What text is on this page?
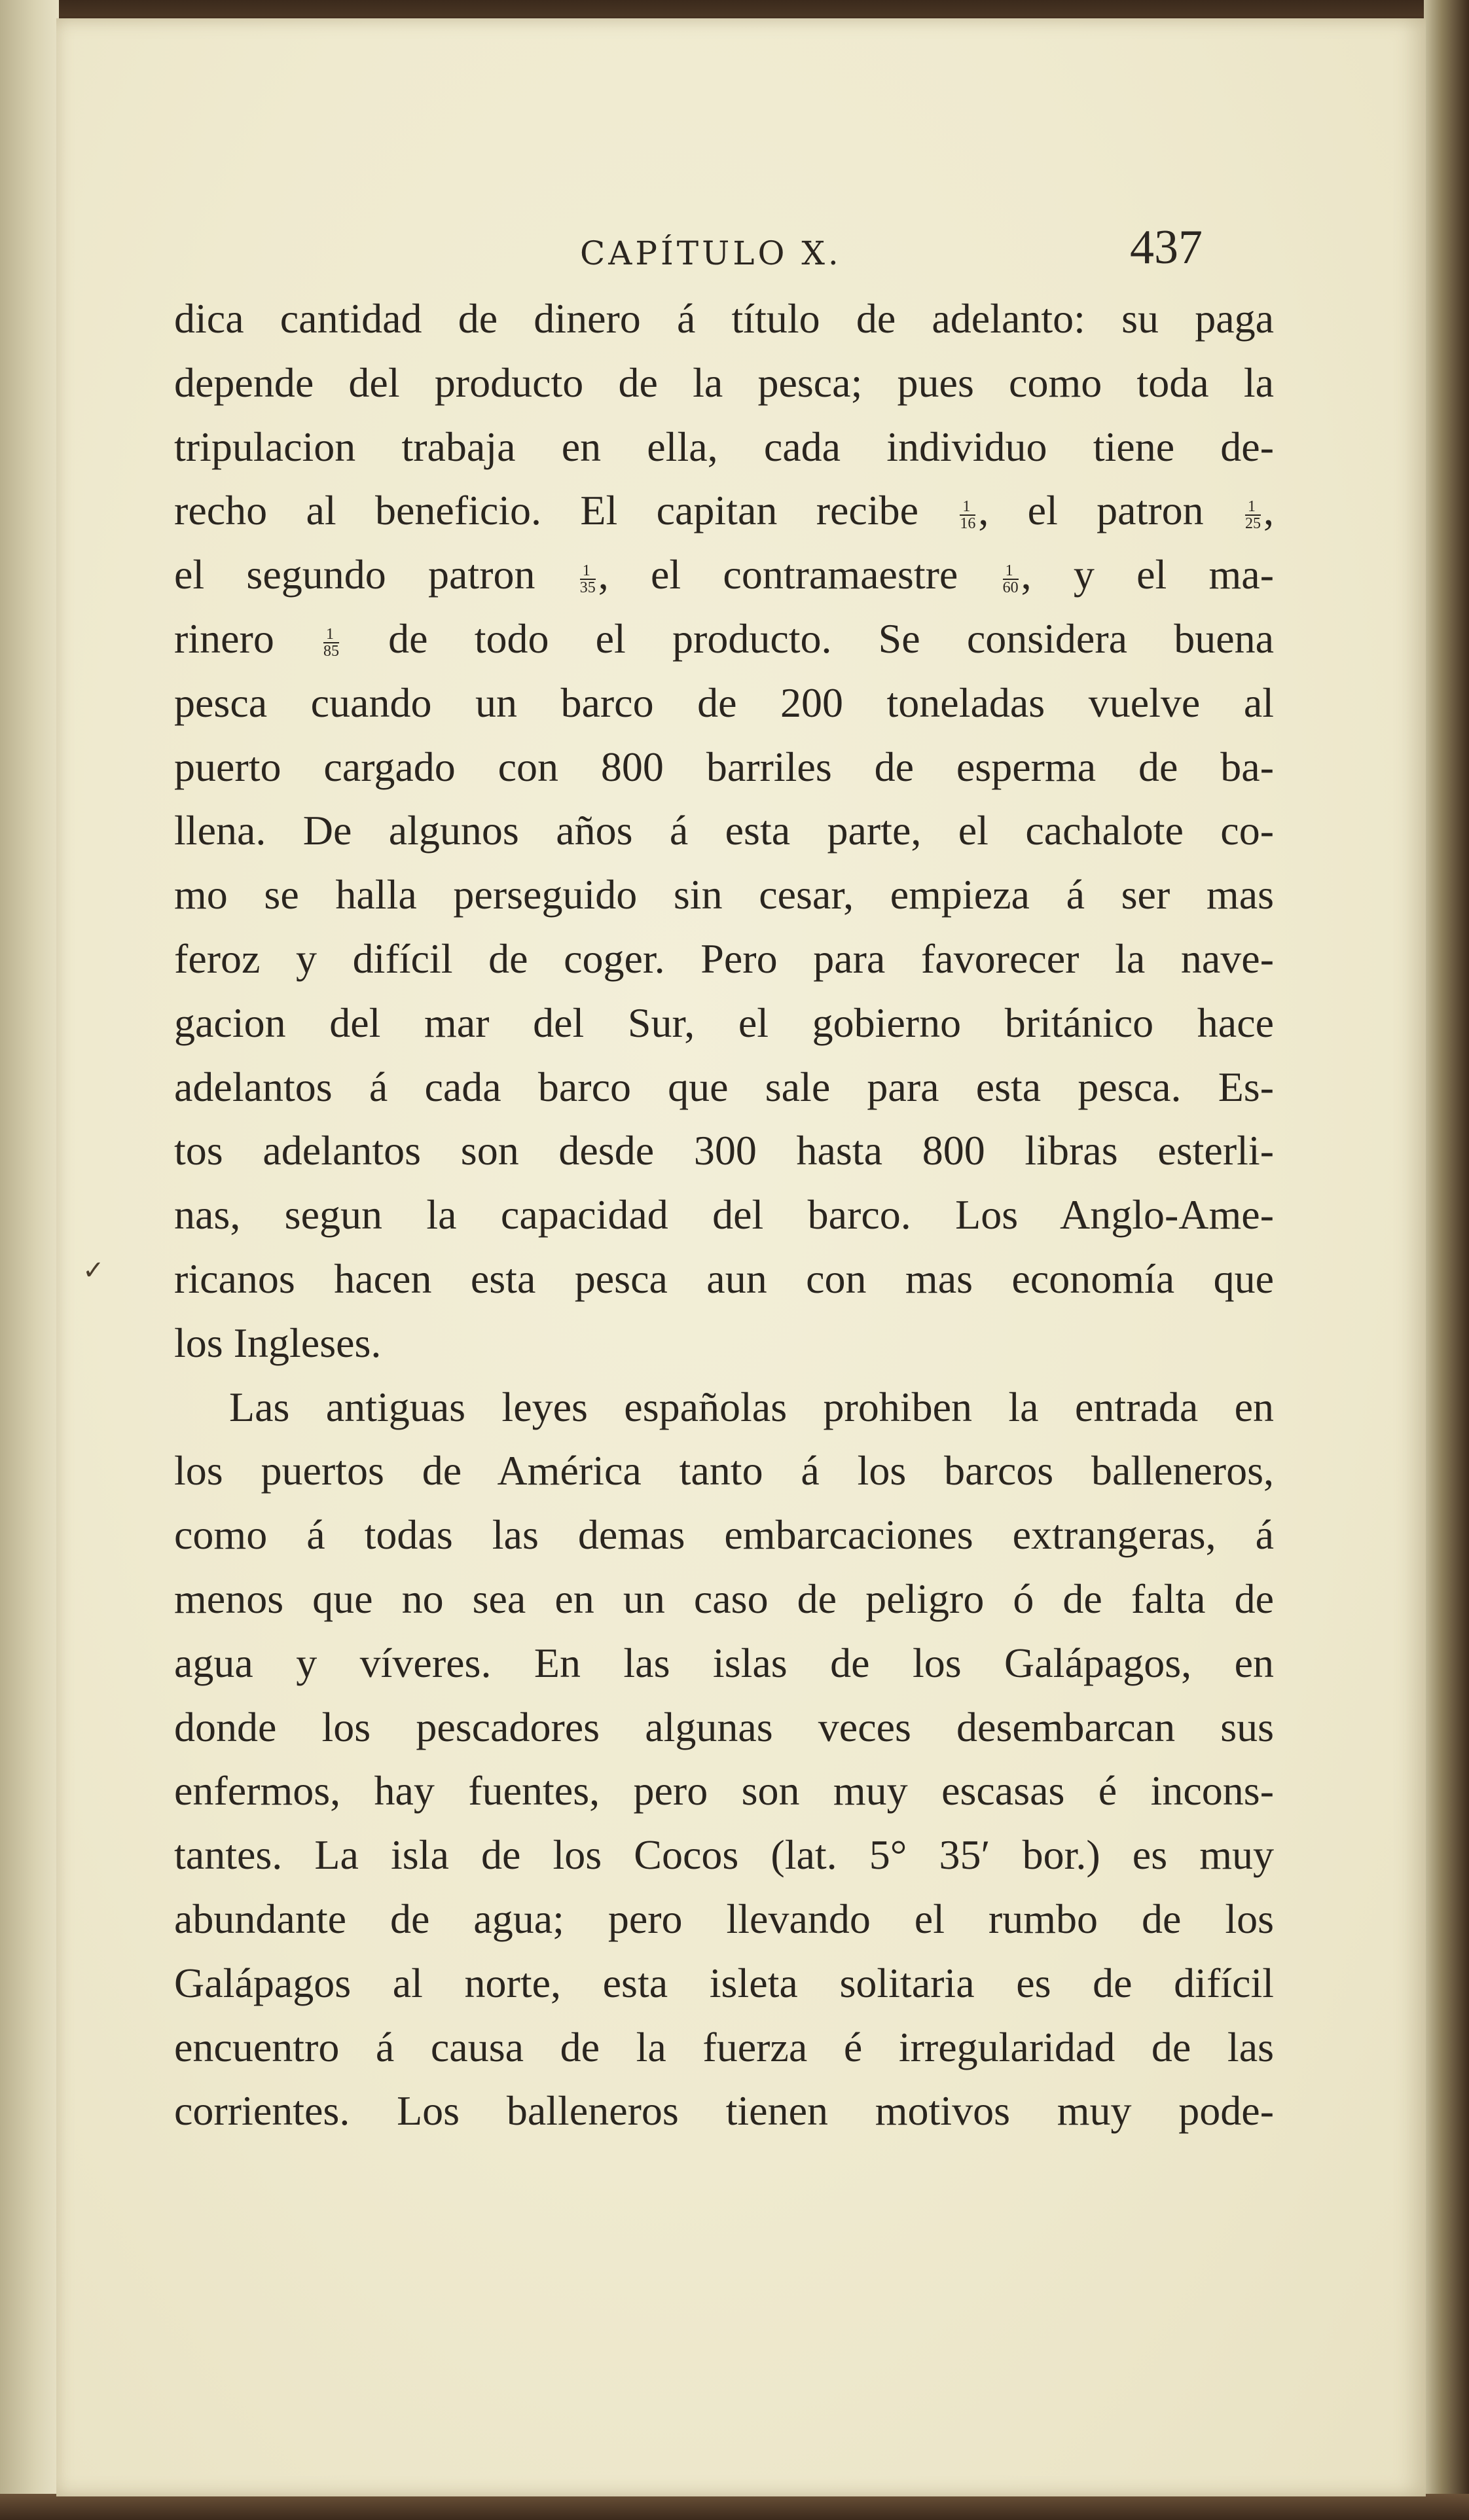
CAPÍTULO X.	437
✓
dica cantidad de dinero á título de adelanto: su paga
depende del producto de la pesca; pues como toda la
tripulacion trabaja en ella, cada individuo tiene de-
recho al beneficio. El capitan recibe $\frac{1}{16}$ , el patron $\frac{1}{25}$ ,
el segundo patron $\frac{1}{35}$ , el contramaestre $\frac{1}{60}$ , y el ma-
rinero $\frac{1}{85}$ de todo el producto. Se considera buena
pesca cuando un barco de 200 toneladas vuelve al
puerto cargado con 800 barriles de esperma de ba-
llena. De algunos años á esta parte, el cachalote co-
mo se halla perseguido sin cesar, empieza á ser mas
feroz y difícil de coger. Pero para favorecer la nave-
gacion del mar del Sur, el gobierno británico hace
adelantos á cada barco que sale para esta pesca. Es-
tos adelantos son desde 300 hasta 800 libras esterli-
nas, segun la capacidad del barco. Los Anglo-Ame-
ricanos hacen esta pesca aun con mas economía que
los Ingleses.
Las antiguas leyes españolas prohiben la entrada en
los puertos de América tanto á los barcos balleneros,
como á todas las demas embarcaciones extrangeras, á
menos que no sea en un caso de peligro ó de falta de
agua y víveres. En las islas de los Galápagos, en
donde los pescadores algunas veces desembarcan sus
enfermos, hay fuentes, pero son muy escasas é incons-
tantes. La isla de los Cocos (lat. 5° 35′ bor.) es muy
abundante de agua; pero llevando el rumbo de los
Galápagos al norte, esta isleta solitaria es de difícil
encuentro á causa de la fuerza é irregularidad de las
corrientes. Los balleneros tienen motivos muy pode-
